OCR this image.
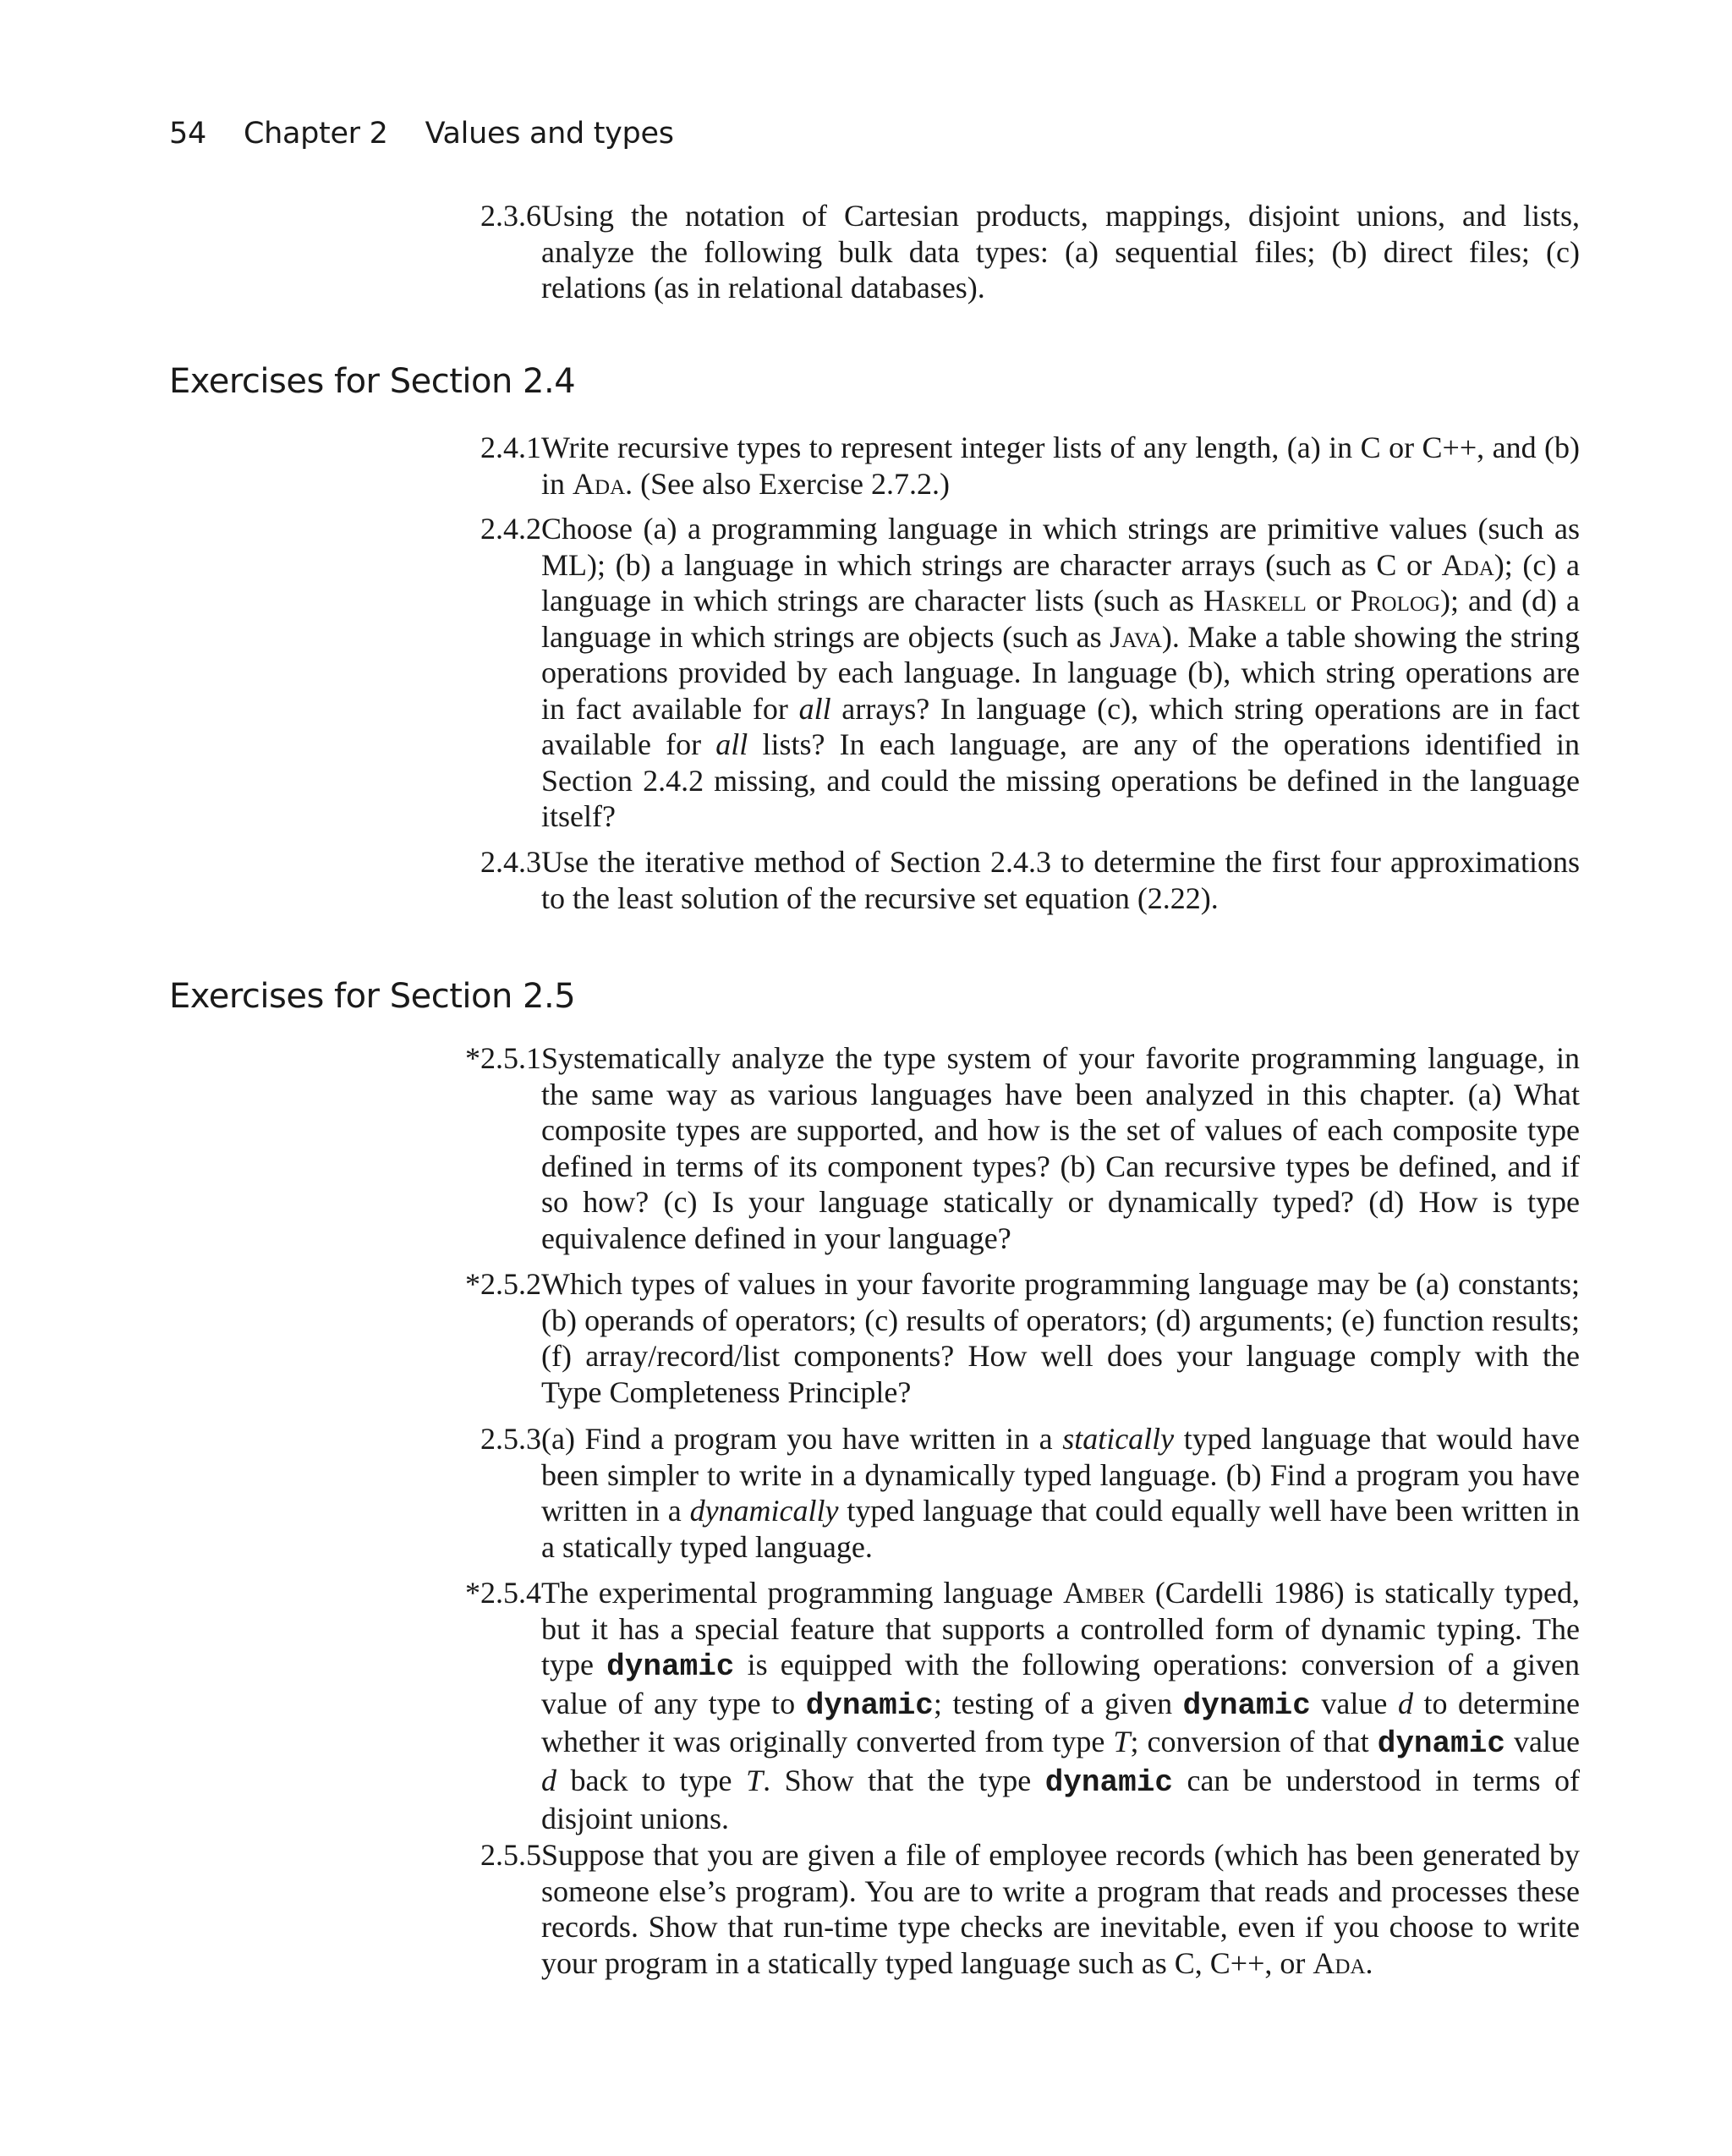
54 Chapter 2 Values and types
2.3.6 Using the notation of Cartesian products, mappings, disjoint unions, and lists, analyze the following bulk data types: (a) sequential files; (b) direct files; (c) relations (as in relational databases).
Exercises for Section 2.4
2.4.1 Write recursive types to represent integer lists of any length, (a) in C or C++, and (b) in Ada. (See also Exercise 2.7.2.)
2.4.2 Choose (a) a programming language in which strings are primitive values (such as ML); (b) a language in which strings are character arrays (such as C or Ada); (c) a language in which strings are character lists (such as Haskell or Prolog); and (d) a language in which strings are objects (such as Java). Make a table showing the string operations provided by each language. In language (b), which string operations are in fact available for all arrays? In language (c), which string operations are in fact available for all lists? In each language, are any of the operations identified in Section 2.4.2 missing, and could the missing operations be defined in the language itself?
2.4.3 Use the iterative method of Section 2.4.3 to determine the first four approximations to the least solution of the recursive set equation (2.22).
Exercises for Section 2.5
*2.5.1 Systematically analyze the type system of your favorite programming language, in the same way as various languages have been analyzed in this chapter. (a) What composite types are supported, and how is the set of values of each composite type defined in terms of its component types? (b) Can recursive types be defined, and if so how? (c) Is your language statically or dynamically typed? (d) How is type equivalence defined in your language?
*2.5.2 Which types of values in your favorite programming language may be (a) constants; (b) operands of operators; (c) results of operators; (d) arguments; (e) function results; (f) array/record/list components? How well does your language comply with the Type Completeness Principle?
2.5.3 (a) Find a program you have written in a statically typed language that would have been simpler to write in a dynamically typed language. (b) Find a program you have written in a dynamically typed language that could equally well have been written in a statically typed language.
*2.5.4 The experimental programming language Amber (Cardelli 1986) is statically typed, but it has a special feature that supports a controlled form of dynamic typing. The type dynamic is equipped with the following operations: conversion of a given value of any type to dynamic; testing of a given dynamic value d to determine whether it was originally converted from type T; conversion of that dynamic value d back to type T. Show that the type dynamic can be understood in terms of disjoint unions.
2.5.5 Suppose that you are given a file of employee records (which has been generated by someone else’s program). You are to write a program that reads and processes these records. Show that run-time type checks are inevitable, even if you choose to write your program in a statically typed language such as C, C++, or Ada.
